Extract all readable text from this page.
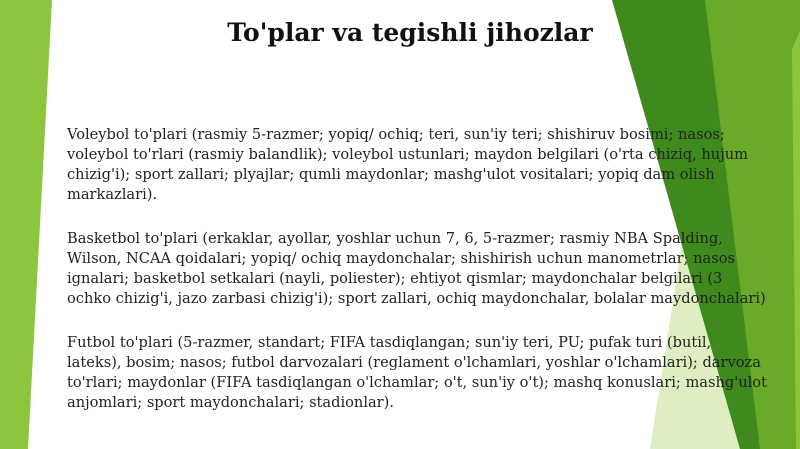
To'plar va tegishli jihozlar

Voleybol to'plari (rasmiy 5-razmer; yopiq/ ochiq; teri, sun'iy teri; shishiruv bosimi; nasos; voleybol to'rlari (rasmiy balandlik); voleybol ustunlari; maydon belgilari (o'rta chiziq, hujum chizig'i); sport zallari; plyajlar; qumli maydonlar; mashg'ulot vositalari; yopiq dam olish markazlari).

Basketbol to'plari (erkaklar, ayollar, yoshlar uchun 7, 6, 5-razmer; rasmiy NBA Spalding, Wilson, NCAA qoidalari; yopiq/ ochiq maydonchalar; shishirish uchun manometrlar; nasos ignalari; basketbol setkalari (nayli, poliester); ehtiyot qismlar; maydonchalar belgilari (3 ochko chizig'i, jazo zarbasi chizig'i); sport zallari, ochiq maydonchalar, bolalar maydonchalari)

Futbol to'plari (5-razmer, standart; FIFA tasdiqlangan; sun'iy teri, PU; pufak turi (butil, lateks), bosim; nasos; futbol darvozalari (reglament o'lchamlari, yoshlar o'lchamlari); darvoza to'rlari; maydonlar (FIFA tasdiqlangan o'lchamlar; o't, sun'iy o't); mashq konuslari; mashg'ulot anjomlari; sport maydonchalari; stadionlar).
